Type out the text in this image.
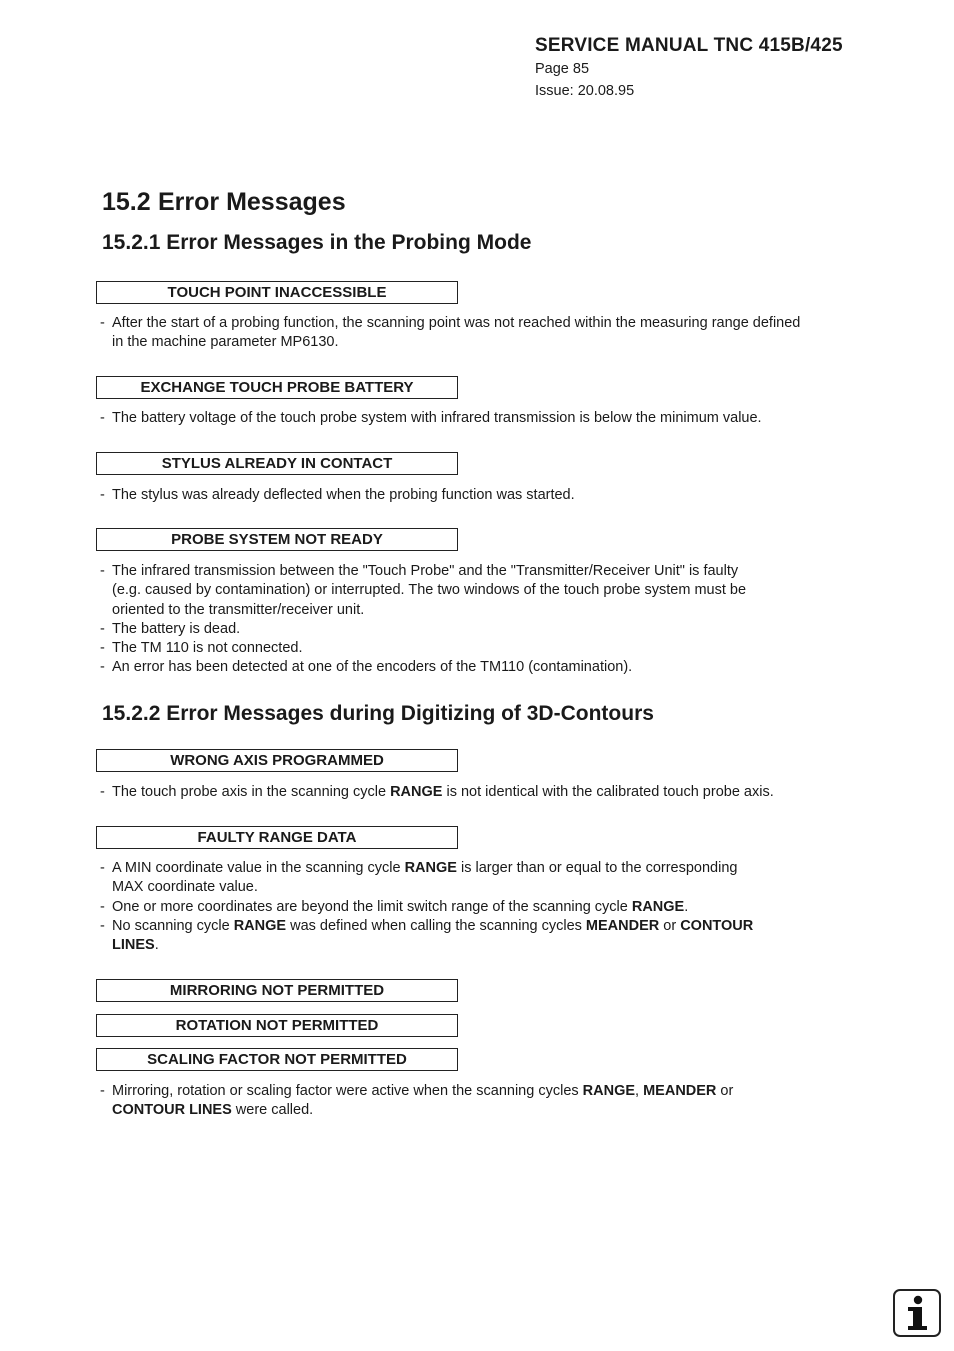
SERVICE MANUAL TNC 415B/425
Page 85
Issue: 20.08.95
15.2 Error Messages
15.2.1 Error Messages in the Probing Mode
TOUCH POINT INACCESSIBLE
- After the start of a probing function, the scanning point was not reached within the measuring range defined
in the machine parameter MP6130.
EXCHANGE TOUCH PROBE BATTERY
- The battery voltage of the touch probe system with infrared transmission is below the minimum value.
STYLUS ALREADY IN CONTACT
- The stylus was already deflected when the probing function was started.
PROBE SYSTEM NOT READY
- The infrared transmission between the "Touch Probe" and the "Transmitter/Receiver Unit" is faulty
(e.g. caused by contamination) or interrupted. The two windows of the touch probe system must be
oriented to the transmitter/receiver unit.
- The battery is dead.
- The TM 110 is not connected.
- An error has been detected at one of the encoders of the TM110 (contamination).
15.2.2 Error Messages during Digitizing of 3D-Contours
WRONG AXIS PROGRAMMED
- The touch probe axis in the scanning cycle RANGE is not identical with the calibrated touch probe axis.
FAULTY RANGE DATA
- A MIN coordinate value in the scanning cycle RANGE is larger than or equal to the corresponding
MAX coordinate value.
- One or more coordinates are beyond the limit switch range of the scanning cycle RANGE.
- No scanning cycle RANGE was defined when calling the scanning cycles MEANDER or CONTOUR
LINES.
MIRRORING NOT PERMITTED
ROTATION NOT PERMITTED
SCALING FACTOR NOT PERMITTED
- Mirroring, rotation or scaling factor were active when the scanning cycles RANGE, MEANDER or
CONTOUR LINES were called.
